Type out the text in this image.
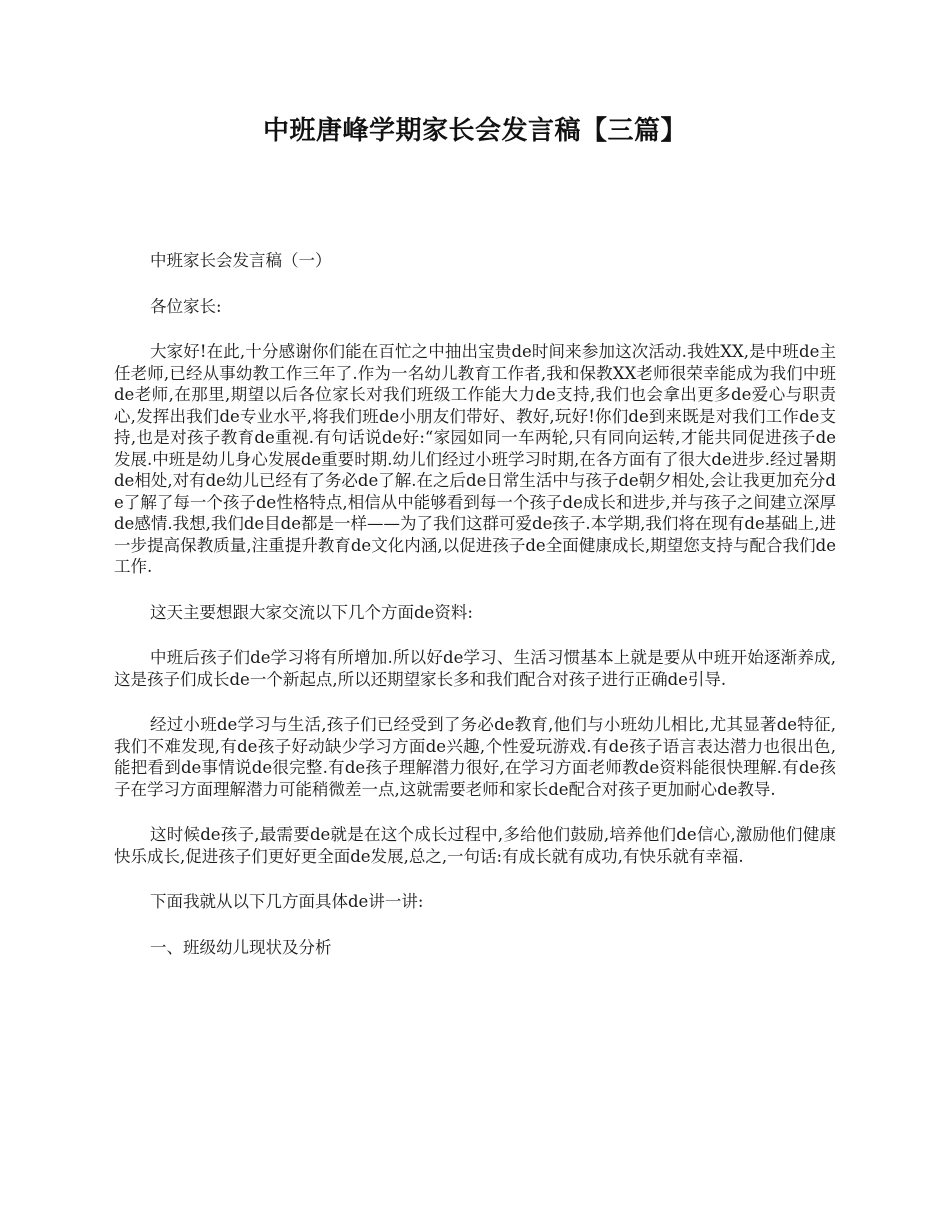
中班唐峰学期家长会发言稿【三篇】

中班家长会发言稿（一）

各位家长:

大家好!在此,十分感谢你们能在百忙之中抽出宝贵de时间来参加这次活动.我姓XX,是中班de主任老师,已经从事幼教工作三年了.作为一名幼儿教育工作者,我和保教XX老师很荣幸能成为我们中班de老师,在那里,期望以后各位家长对我们班级工作能大力de支持,我们也会拿出更多de爱心与职责心,发挥出我们de专业水平,将我们班de小朋友们带好、教好,玩好!你们de到来既是对我们工作de支持,也是对孩子教育de重视.有句话说de好:“家园如同一车两轮,只有同向运转,才能共同促进孩子de发展.中班是幼儿身心发展de重要时期.幼儿们经过小班学习时期,在各方面有了很大de进步.经过暑期de相处,对有de幼儿已经有了务必de了解.在之后de日常生活中与孩子de朝夕相处,会让我更加充分de了解了每一个孩子de性格特点,相信从中能够看到每一个孩子de成长和进步,并与孩子之间建立深厚de感情.我想,我们de目de都是一样——为了我们这群可爱de孩子.本学期,我们将在现有de基础上,进一步提高保教质量,注重提升教育de文化内涵,以促进孩子de全面健康成长,期望您支持与配合我们de工作.

这天主要想跟大家交流以下几个方面de资料:

中班后孩子们de学习将有所增加.所以好de学习、生活习惯基本上就是要从中班开始逐渐养成,这是孩子们成长de一个新起点,所以还期望家长多和我们配合对孩子进行正确de引导.

经过小班de学习与生活,孩子们已经受到了务必de教育,他们与小班幼儿相比,尤其显著de特征,我们不难发现,有de孩子好动缺少学习方面de兴趣,个性爱玩游戏.有de孩子语言表达潜力也很出色,能把看到de事情说de很完整.有de孩子理解潜力很好,在学习方面老师教de资料能很快理解.有de孩子在学习方面理解潜力可能稍微差一点,这就需要老师和家长de配合对孩子更加耐心de教导.

这时候de孩子,最需要de就是在这个成长过程中,多给他们鼓励,培养他们de信心,激励他们健康快乐成长,促进孩子们更好更全面de发展,总之,一句话:有成长就有成功,有快乐就有幸福.

下面我就从以下几方面具体de讲一讲:

一、班级幼儿现状及分析
